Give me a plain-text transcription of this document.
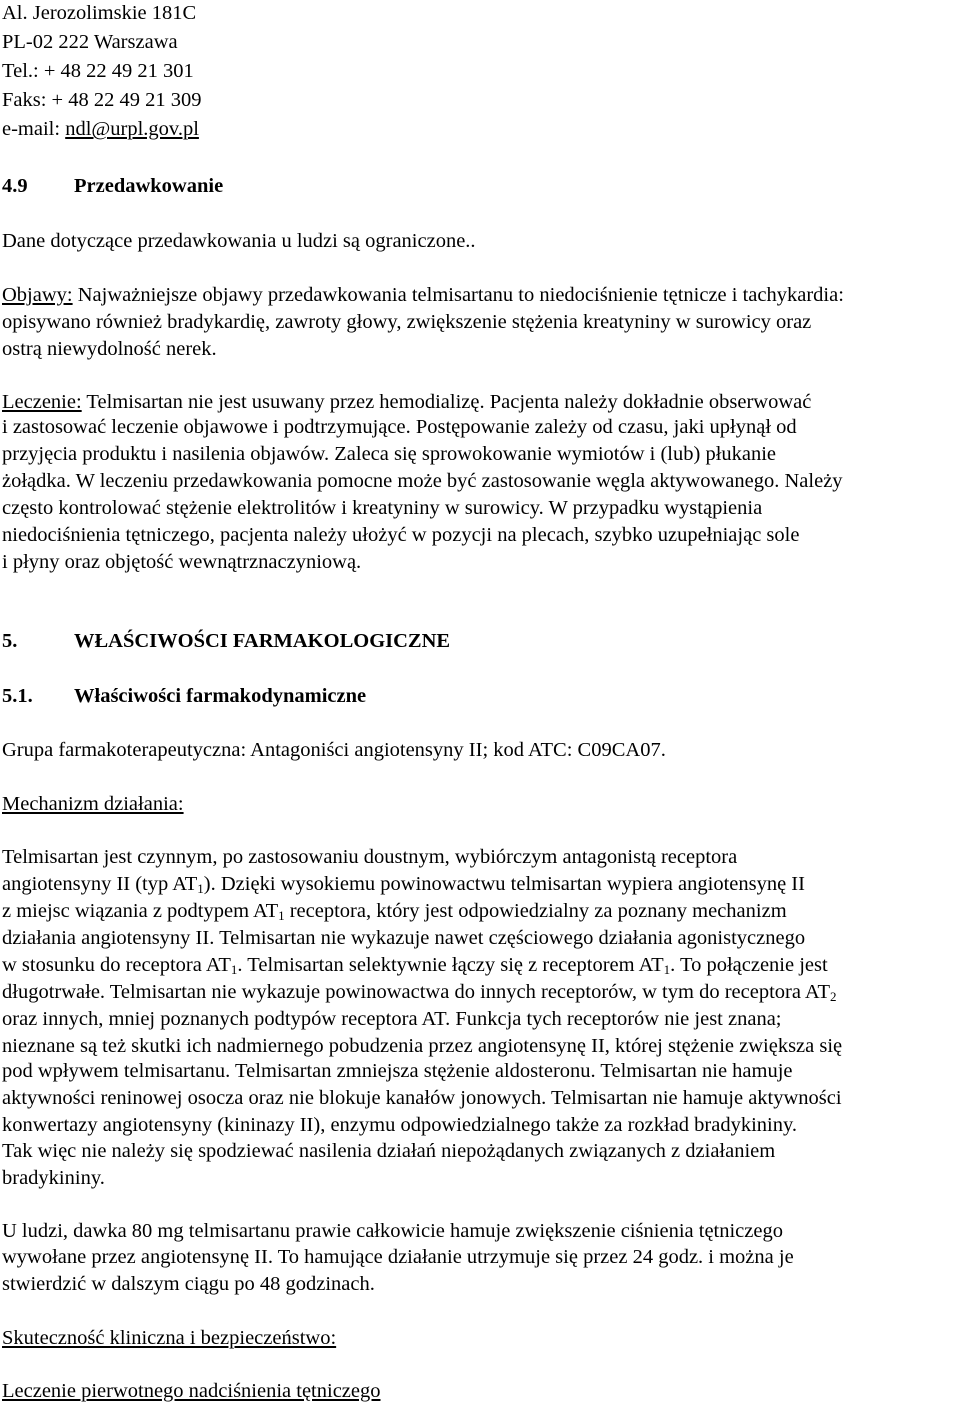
Al. Jerozolimskie 181C

PL-02 222 Warszawa

Tel.: + 48 22 49 21 301

Faks: + 48 22 49 21 309

e-mail: ndl@urpl.gov.pl

4.9 Przedawkowanie

Dane dotyczące przedawkowania u ludzi są ograniczone..

Objawy: Najważniejsze objawy przedawkowania telmisartanu to niedociśnienie tętnicze i tachykardia:

opisywano również bradykardię, zawroty głowy, zwiększenie stężenia kreatyniny w surowicy oraz

ostrą niewydolność nerek.

Leczenie: Telmisartan nie jest usuwany przez hemodializę. Pacjenta należy dokładnie obserwować

i zastosować leczenie objawowe i podtrzymujące. Postępowanie zależy od czasu, jaki upłynął od

przyjęcia produktu i nasilenia objawów. Zaleca się sprowokowanie wymiotów i (lub) płukanie

żołądka. W leczeniu przedawkowania pomocne może być zastosowanie węgla aktywowanego. Należy

często kontrolować stężenie elektrolitów i kreatyniny w surowicy. W przypadku wystąpienia

niedociśnienia tętniczego, pacjenta należy ułożyć w pozycji na plecach, szybko uzupełniając sole

i płyny oraz objętość wewnątrznaczyniową.

5.	WŁAŚCIWOŚCI FARMAKOLOGICZNE

5.1. Właściwości farmakodynamiczne

Grupa farmakoterapeutyczna: Antagoniści angiotensyny II; kod ATC: C09CA07.

Mechanizm działania:

Telmisartan jest czynnym, po zastosowaniu doustnym, wybiórczym antagonistą receptora

angiotensyny II (typ $AT_1$). Dzięki wysokiemu powinowactwu telmisartan wypiera angiotensynę II

z miejsc wiązania z podtypem $AT_1$ receptora, który jest odpowiedzialny za poznany mechanizm

działania angiotensyny II. Telmisartan nie wykazuje nawet częściowego działania agonistycznego

w stosunku do receptora $AT_1$. Telmisartan selektywnie łączy się z receptorem $AT_1$. To połączenie jest

długotrwałe. Telmisartan nie wykazuje powinowactwa do innych receptorów, w tym do receptora $AT_2$

oraz innych, mniej poznanych podtypów receptora AT. Funkcja tych receptorów nie jest znana;

nieznane są też skutki ich nadmiernego pobudzenia przez angiotensynę II, której stężenie zwiększa się

pod wpływem telmisartanu. Telmisartan zmniejsza stężenie aldosteronu. Telmisartan nie hamuje

aktywności reninowej osocza oraz nie blokuje kanałów jonowych. Telmisartan nie hamuje aktywności

konwertazy angiotensyny (kininazy II), enzymu odpowiedzialnego także za rozkład bradykininy.

Tak więc nie należy się spodziewać nasilenia działań niepożądanych związanych z działaniem

bradykininy.

U ludzi, dawka 80 mg telmisartanu prawie całkowicie hamuje zwiększenie ciśnienia tętniczego

wywołane przez angiotensynę II. To hamujące działanie utrzymuje się przez 24 godz. i można je

stwierdzić w dalszym ciągu po 48 godzinach.

Skuteczność kliniczna i bezpieczeństwo:

Leczenie pierwotnego nadciśnienia tętniczego
